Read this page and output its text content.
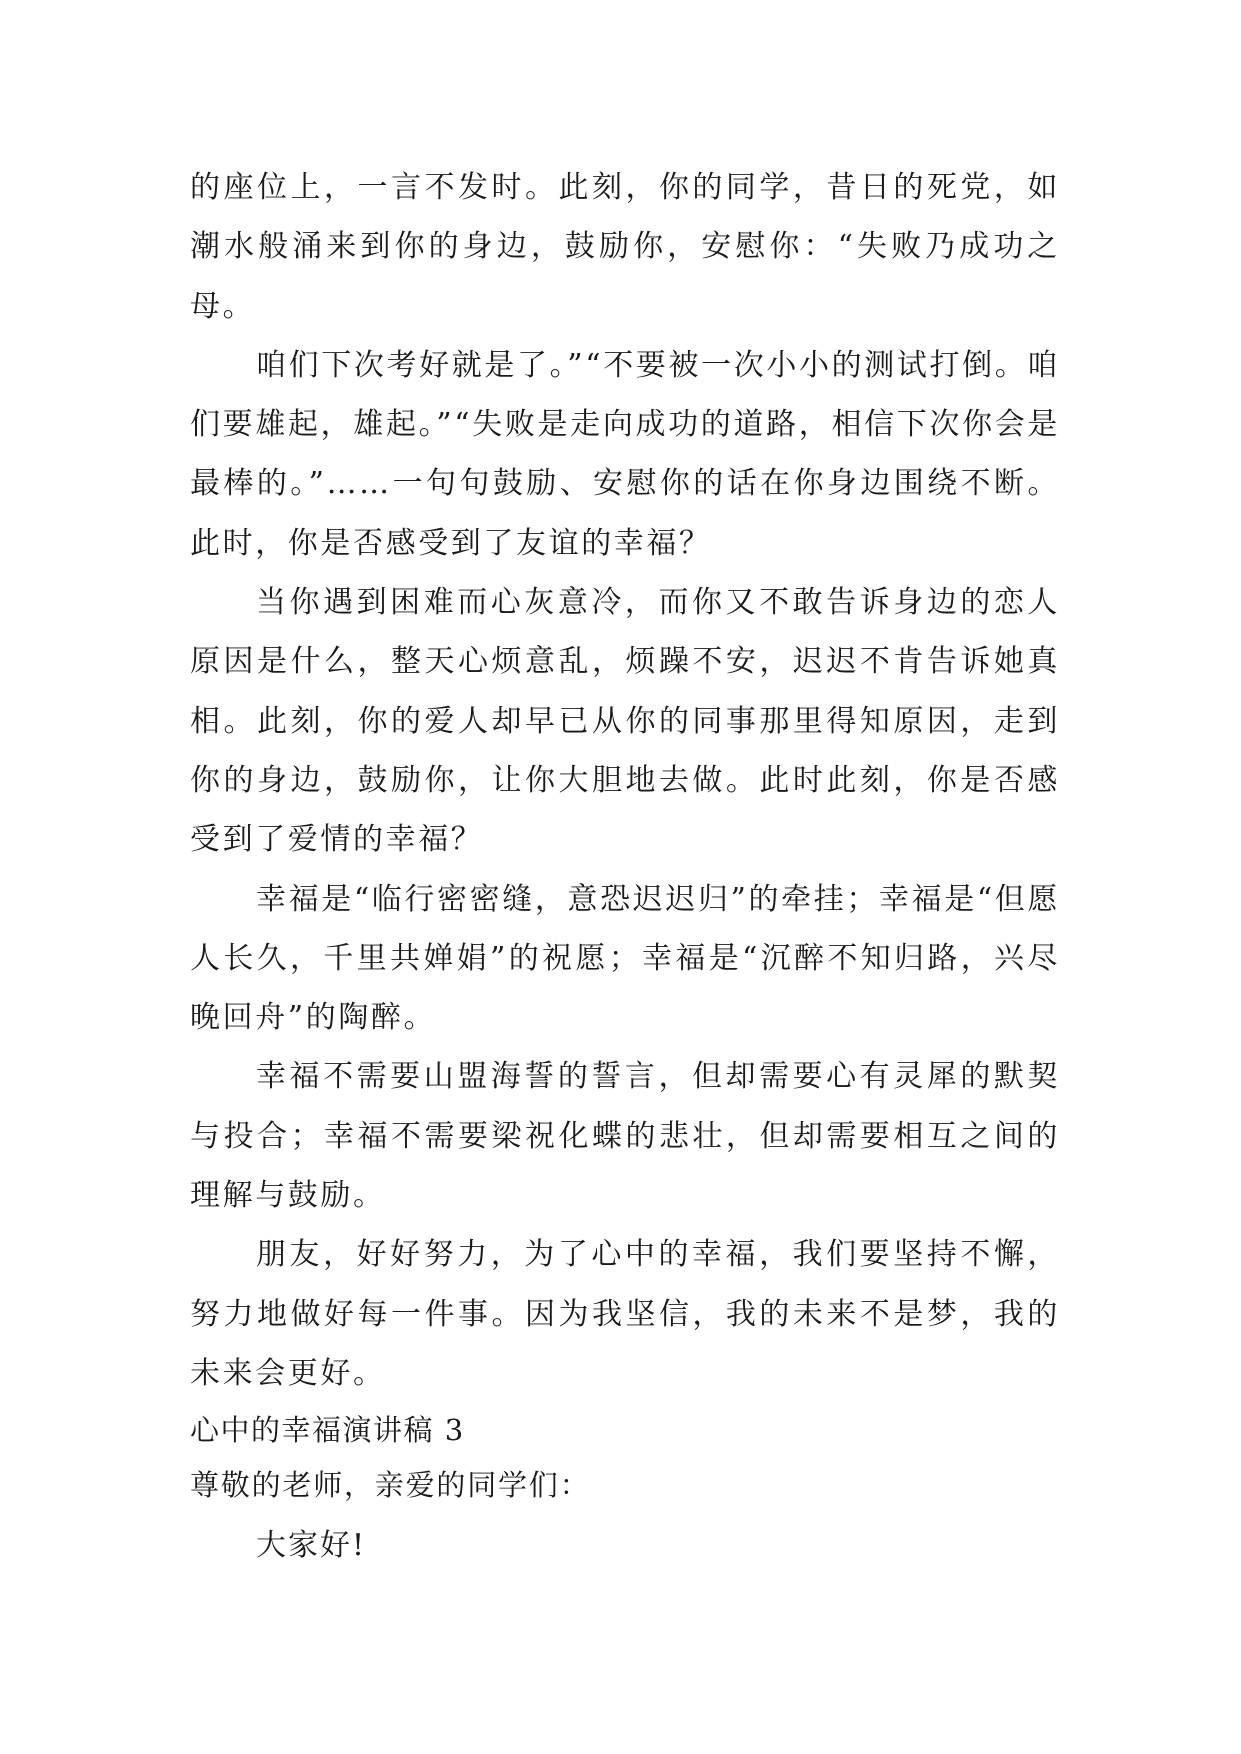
的座位上，一言不发时。此刻，你的同学，昔日的死党，如潮水般涌来到你的身边，鼓励你，安慰你：“失败乃成功之母。

咱们下次考好就是了。”“不要被一次小小的测试打倒。咱们要雄起，雄起。”“失败是走向成功的道路，相信下次你会是最棒的。”……一句句鼓励、安慰你的话在你身边围绕不断。此时，你是否感受到了友谊的幸福？

当你遇到困难而心灰意冷，而你又不敢告诉身边的恋人原因是什么，整天心烦意乱，烦躁不安，迟迟不肯告诉她真相。此刻，你的爱人却早已从你的同事那里得知原因，走到你的身边，鼓励你，让你大胆地去做。此时此刻，你是否感受到了爱情的幸福？

幸福是“临行密密缝，意恐迟迟归”的牵挂；幸福是“但愿人长久，千里共婵娟”的祝愿；幸福是“沉醉不知归路，兴尽晚回舟”的陶醉。

幸福不需要山盟海誓的誓言，但却需要心有灵犀的默契与投合；幸福不需要梁祝化蝶的悲壮，但却需要相互之间的理解与鼓励。

朋友，好好努力，为了心中的幸福，我们要坚持不懈，努力地做好每一件事。因为我坚信，我的未来不是梦，我的未来会更好。

心中的幸福演讲稿 3

尊敬的老师，亲爱的同学们：

大家好!
